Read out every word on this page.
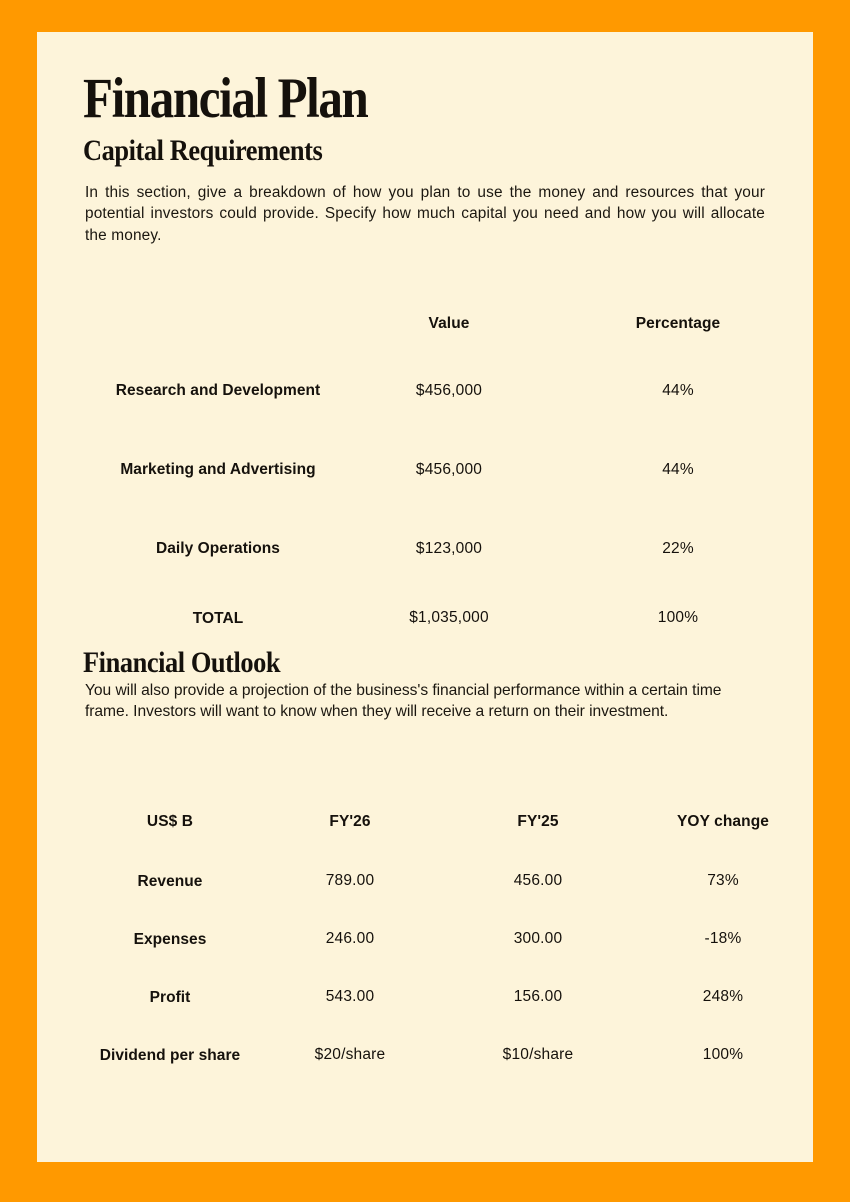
Financial Plan
Capital Requirements

In this section, give a breakdown of how you plan to use the money and resources that your potential investors could provide. Specify how much capital you need and how you will allocate the money.

	Value	Percentage
Research and Development	$456,000	44%
Marketing and Advertising	$456,000	44%
Daily Operations	$123,000	22%
TOTAL	$1,035,000	100%
Financial Outlook

You will also provide a projection of the business's financial performance within a certain time frame. Investors will want to know when they will receive a return on their investment.

US$ B	FY'26	FY'25	YOY change
Revenue	789.00	456.00	73%
Expenses	246.00	300.00	-18%
Profit	543.00	156.00	248%
Dividend per share	$20/share	$10/share	100%
